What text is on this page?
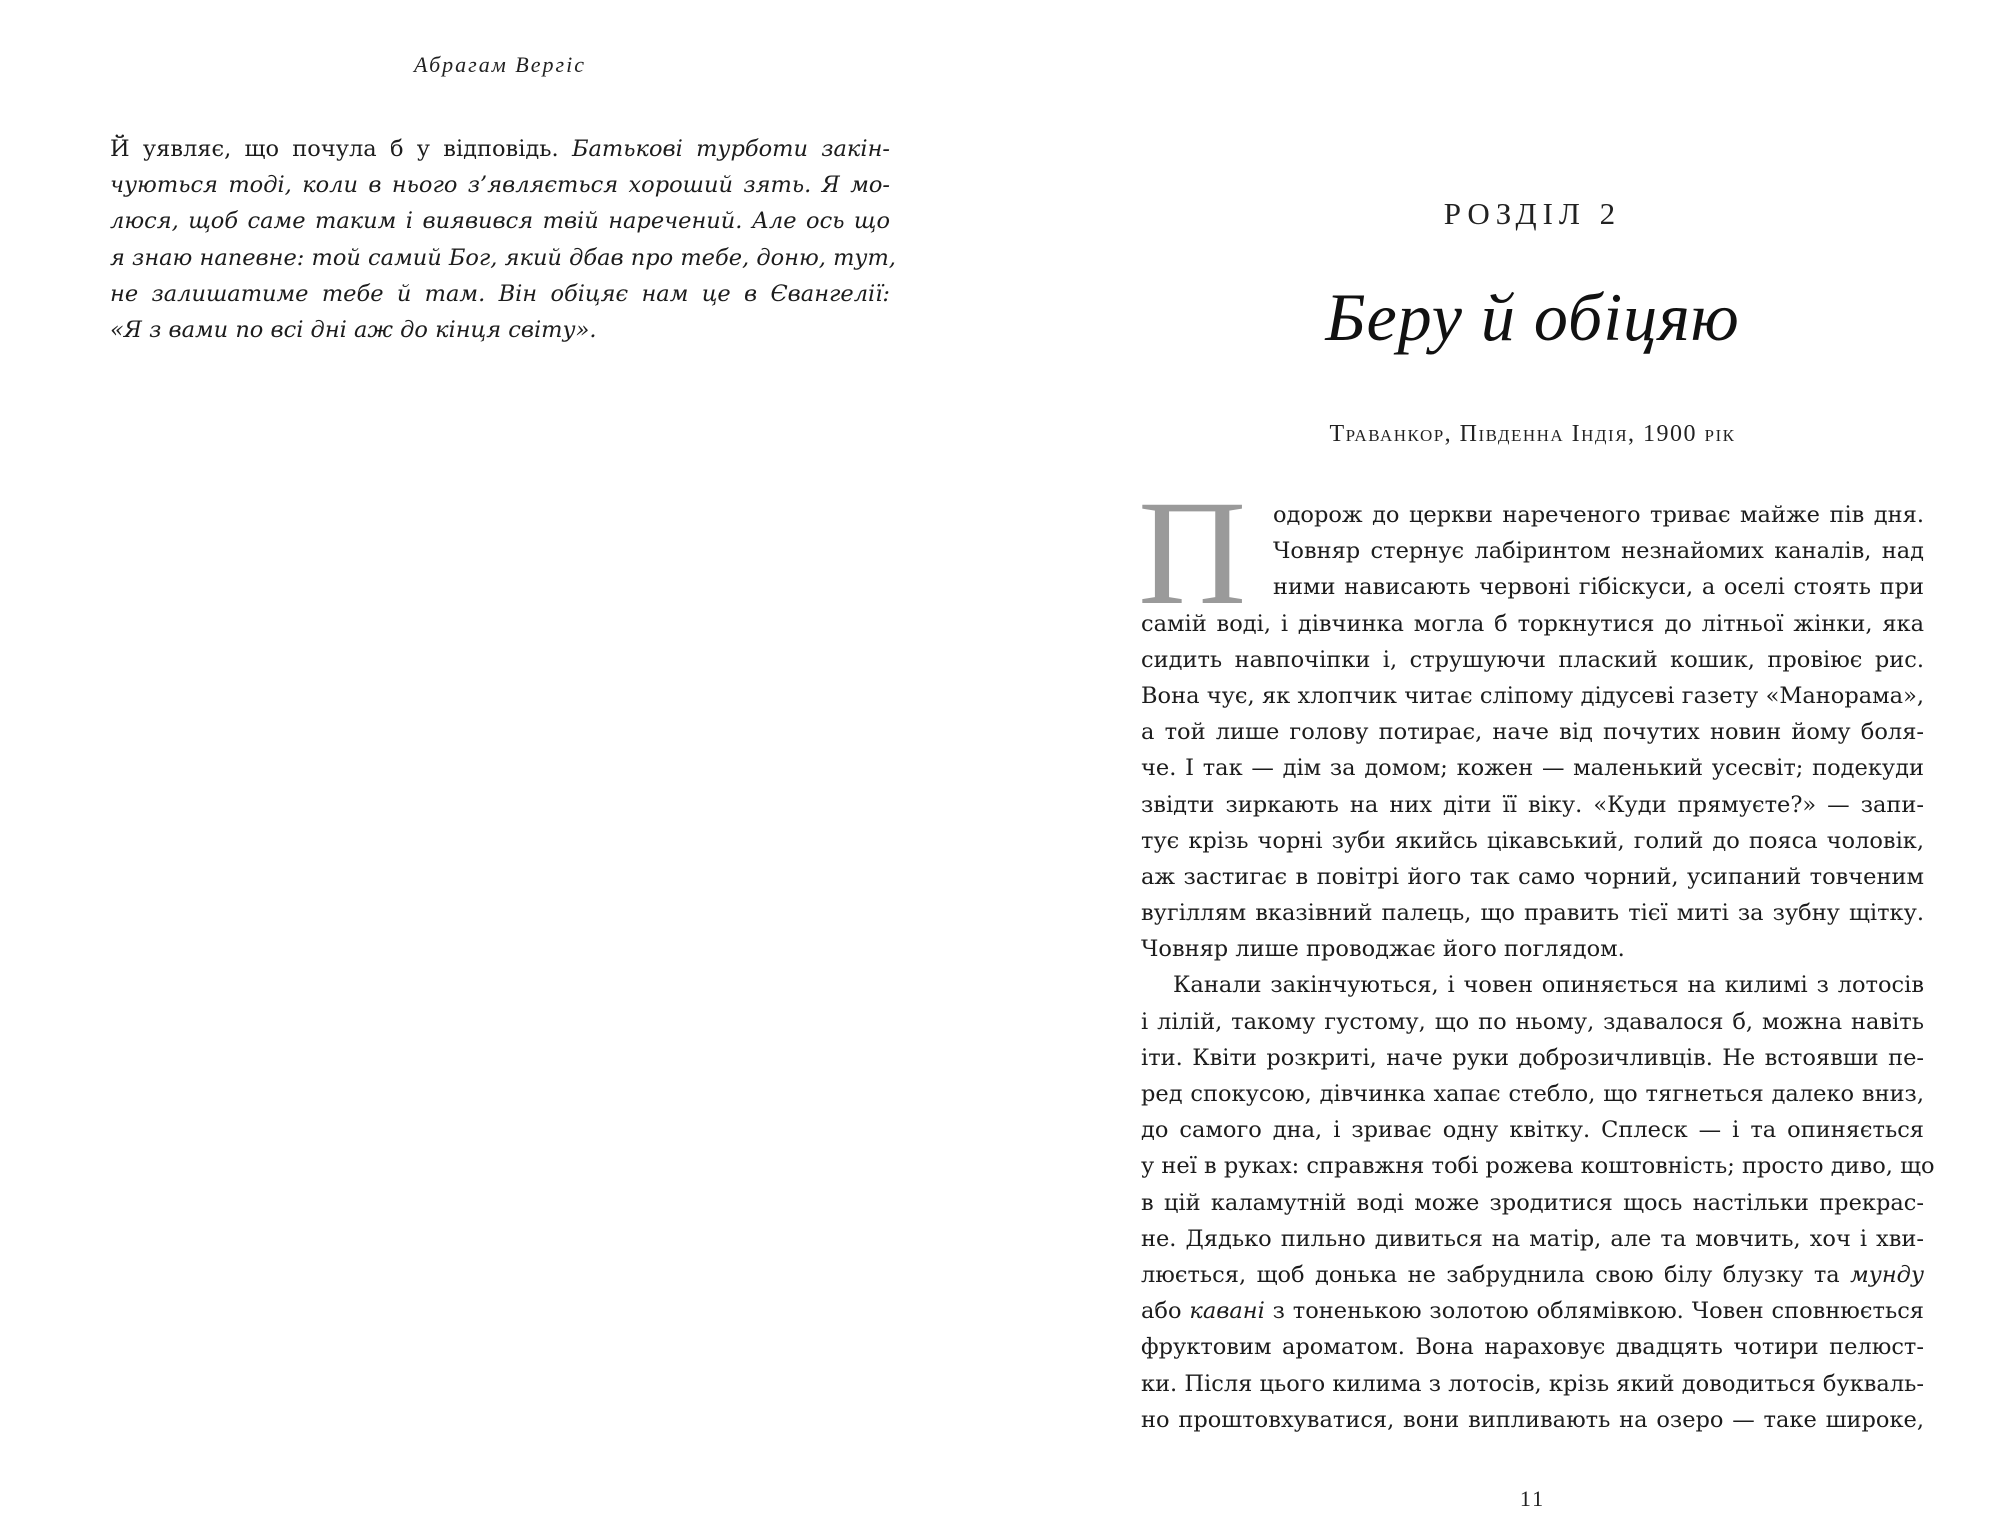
Абрагам Вергіс
Й уявляє, що почула б у відповідь. Батькові турботи закін-
чуються тоді, коли в нього з’являється хороший зять. Я мо-
люся, щоб саме таким і виявився твій наречений. Але ось що
я знаю напевне: той самий Бог, який дбав про тебе, доню, тут,
не залишатиме тебе й там. Він обіцяє нам це в Євангелії:
«Я з вами по всі дні аж до кінця світу».
РОЗДІЛ 2
Беру й обіцяю
Траванкор, Південна Індія, 1900 рік
П	одорож до церкви нареченого триває майже пів дня.
Човняр стернує лабіринтом незнайомих каналів, над
ними нависають червоні гібіскуси, а оселі стоять при
самій воді, і дівчинка могла б торкнутися до літньої жінки, яка
сидить навпочіпки і, струшуючи плаский кошик, провіює рис.
Вона чує, як хлопчик читає сліпому дідусеві газету «Манорама»,
а той лише голову потирає, наче від почутих новин йому боля-
че. І так — дім за домом; кожен — маленький усесвіт; подекуди
звідти зиркають на них діти її віку. «Куди прямуєте?» — запи-
тує крізь чорні зуби якийсь цікавський, голий до пояса чоловік,
аж застигає в повітрі його так само чорний, усипаний товченим
вугіллям вказівний палець, що править тієї миті за зубну щітку.
Човняр лише проводжає його поглядом.
Канали закінчуються, і човен опиняється на килимі з лотосів
і лілій, такому густому, що по ньому, здавалося б, можна навіть
іти. Квіти розкриті, наче руки доброзичливців. Не встоявши пе-
ред спокусою, дівчинка хапає стебло, що тягнеться далеко вниз,
до самого дна, і зриває одну квітку. Сплеск — і та опиняється
у неї в руках: справжня тобі рожева коштовність; просто диво, що
в цій каламутній воді може зродитися щось настільки прекрас-
не. Дядько пильно дивиться на матір, але та мовчить, хоч і хви-
люється, щоб донька не забруднила свою білу блузку та мунду
або кавані з тоненькою золотою облямівкою. Човен сповнюється
фруктовим ароматом. Вона нараховує двадцять чотири пелюст-
ки. Після цього килима з лотосів, крізь який доводиться букваль-
но проштовхуватися, вони випливають на озеро — таке широке,
11
